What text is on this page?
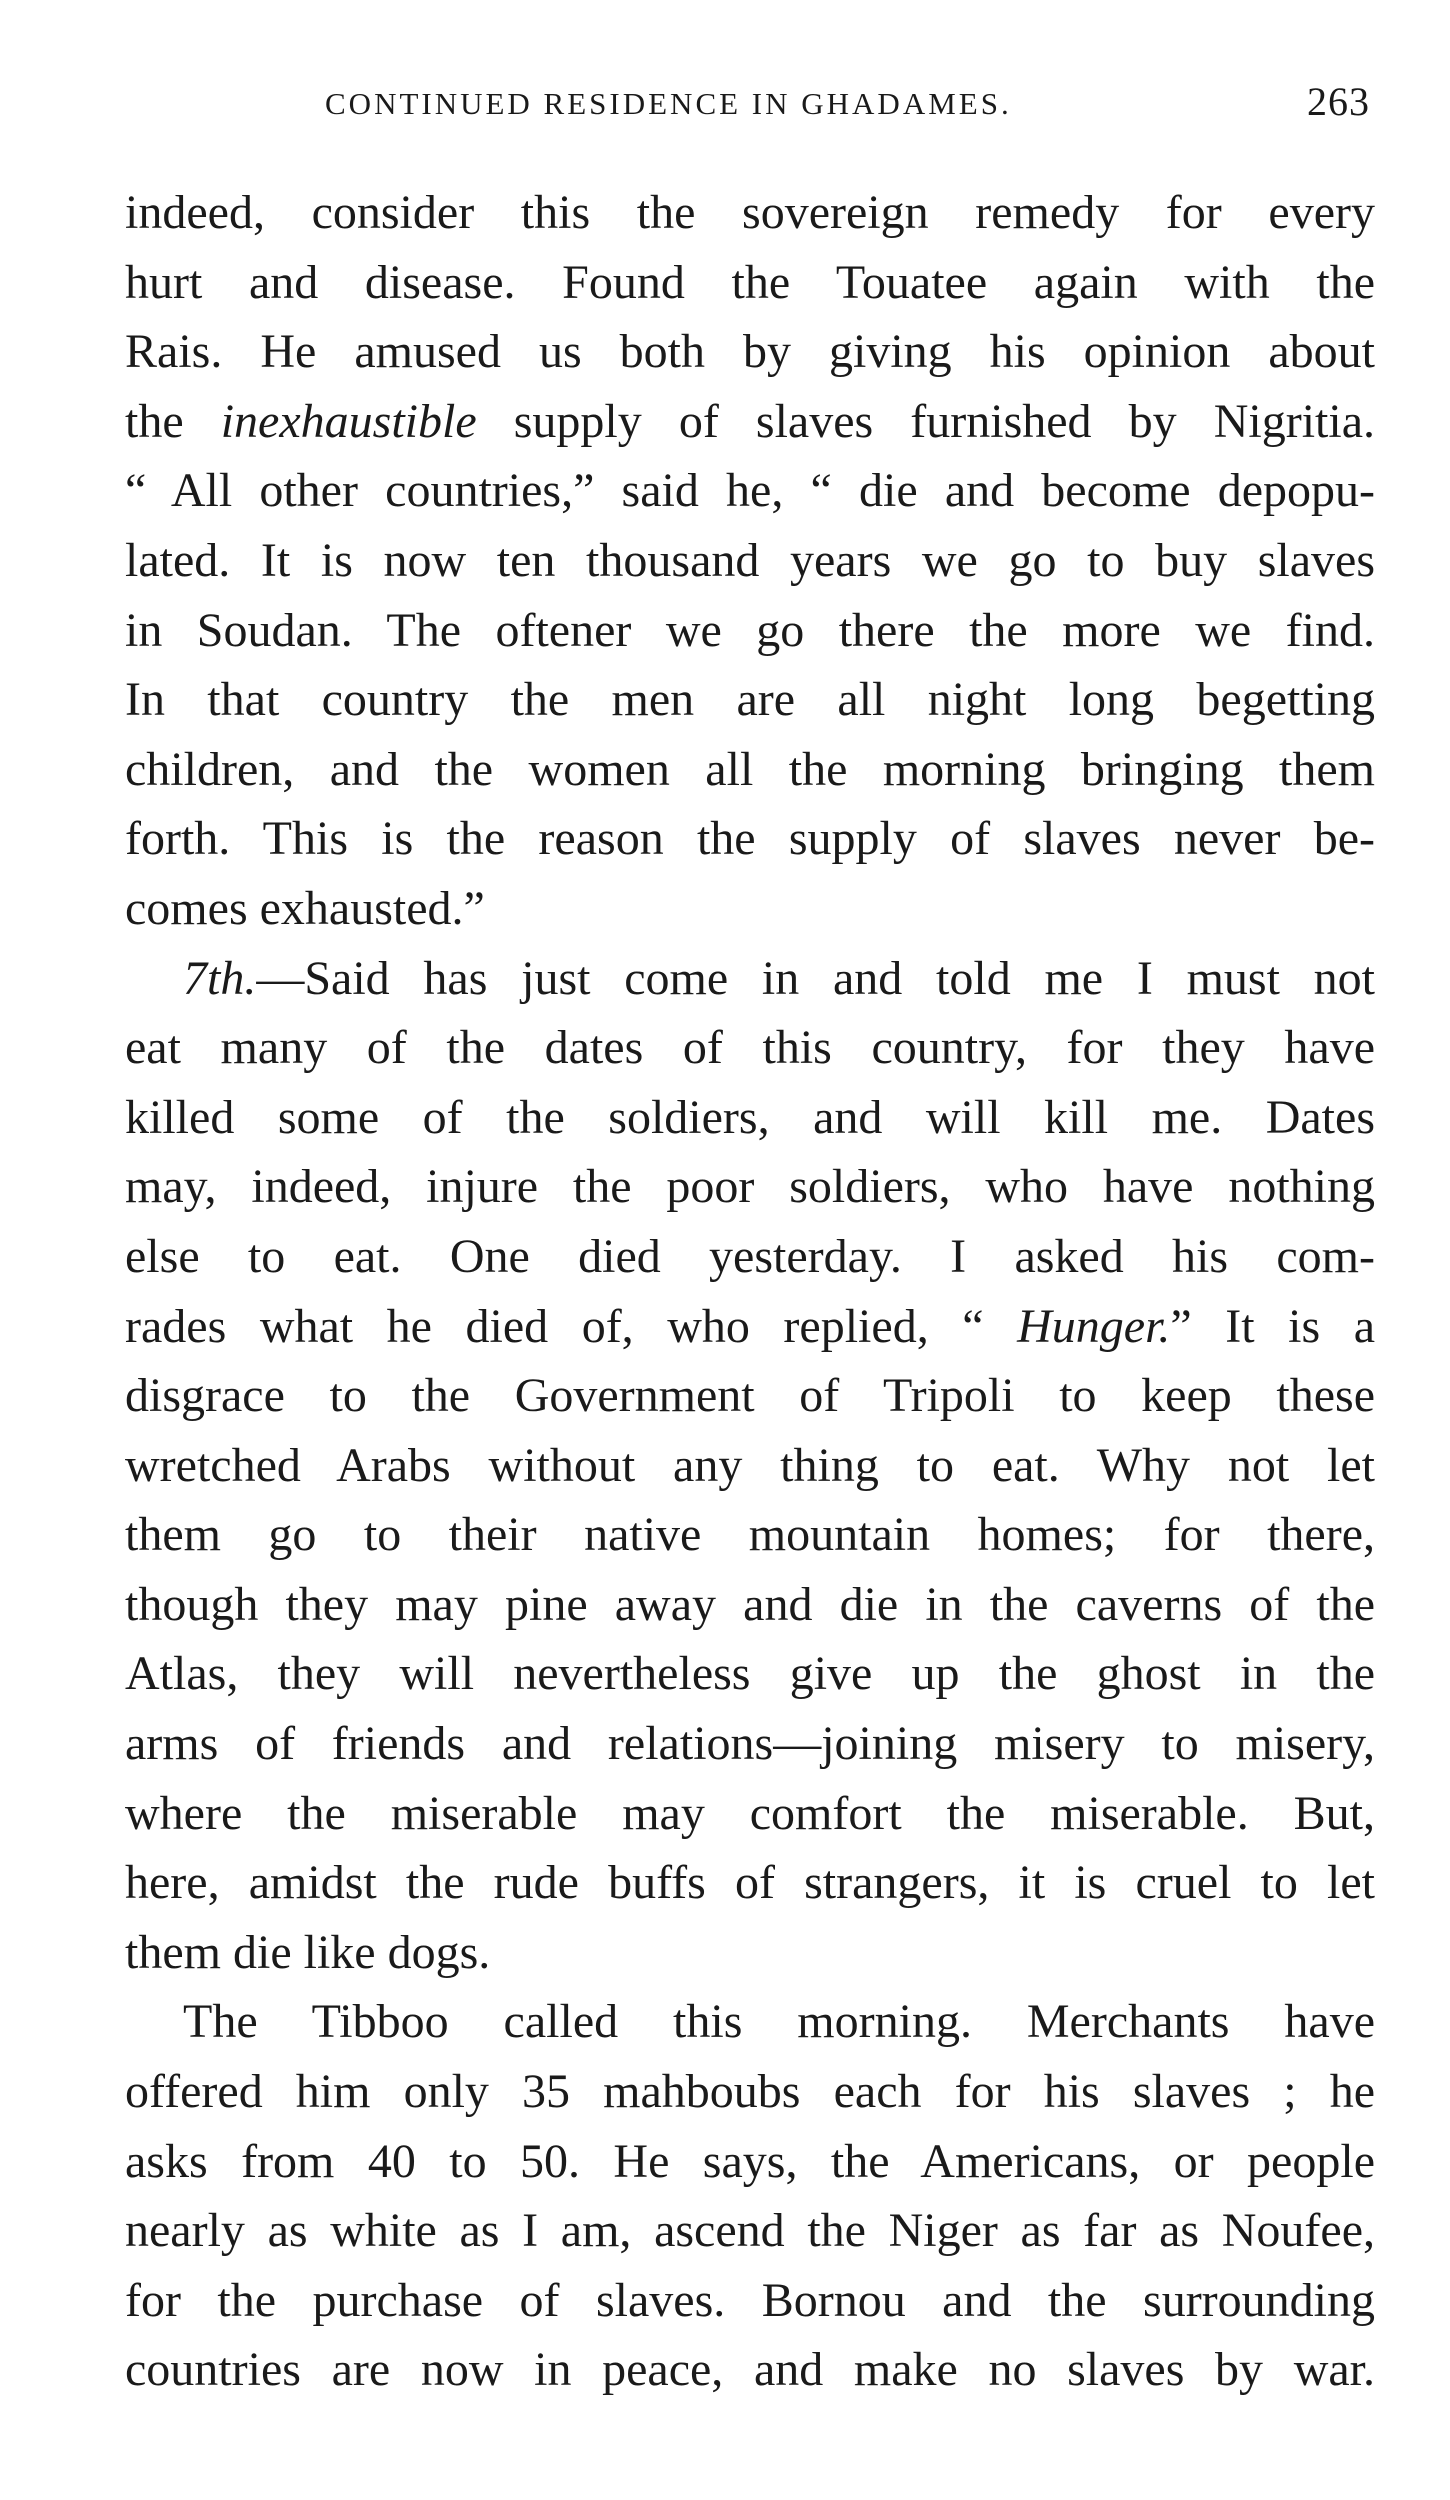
CONTINUED RESIDENCE IN GHADAMES.	263
indeed, consider this the sovereign remedy for every
hurt and disease. Found the Touatee again with the
Rais. He amused us both by giving his opinion about
the inexhaustible supply of slaves furnished by Nigritia.
“ All other countries,” said he, “ die and become depopu-
lated. It is now ten thousand years we go to buy slaves
in Soudan. The oftener we go there the more we find.
In that country the men are all night long begetting
children, and the women all the morning bringing them
forth. This is the reason the supply of slaves never be-
comes exhausted.”
7th.—Said has just come in and told me I must not
eat many of the dates of this country, for they have
killed some of the soldiers, and will kill me. Dates
may, indeed, injure the poor soldiers, who have nothing
else to eat. One died yesterday. I asked his com-
rades what he died of, who replied, “ Hunger.” It is a
disgrace to the Government of Tripoli to keep these
wretched Arabs without any thing to eat. Why not let
them go to their native mountain homes; for there,
though they may pine away and die in the caverns of the
Atlas, they will nevertheless give up the ghost in the
arms of friends and relations—joining misery to misery,
where the miserable may comfort the miserable. But,
here, amidst the rude buffs of strangers, it is cruel to let
them die like dogs.
The Tibboo called this morning. Merchants have
offered him only 35 mahboubs each for his slaves ; he
asks from 40 to 50. He says, the Americans, or people
nearly as white as I am, ascend the Niger as far as Noufee,
for the purchase of slaves. Bornou and the surrounding
countries are now in peace, and make no slaves by war.
